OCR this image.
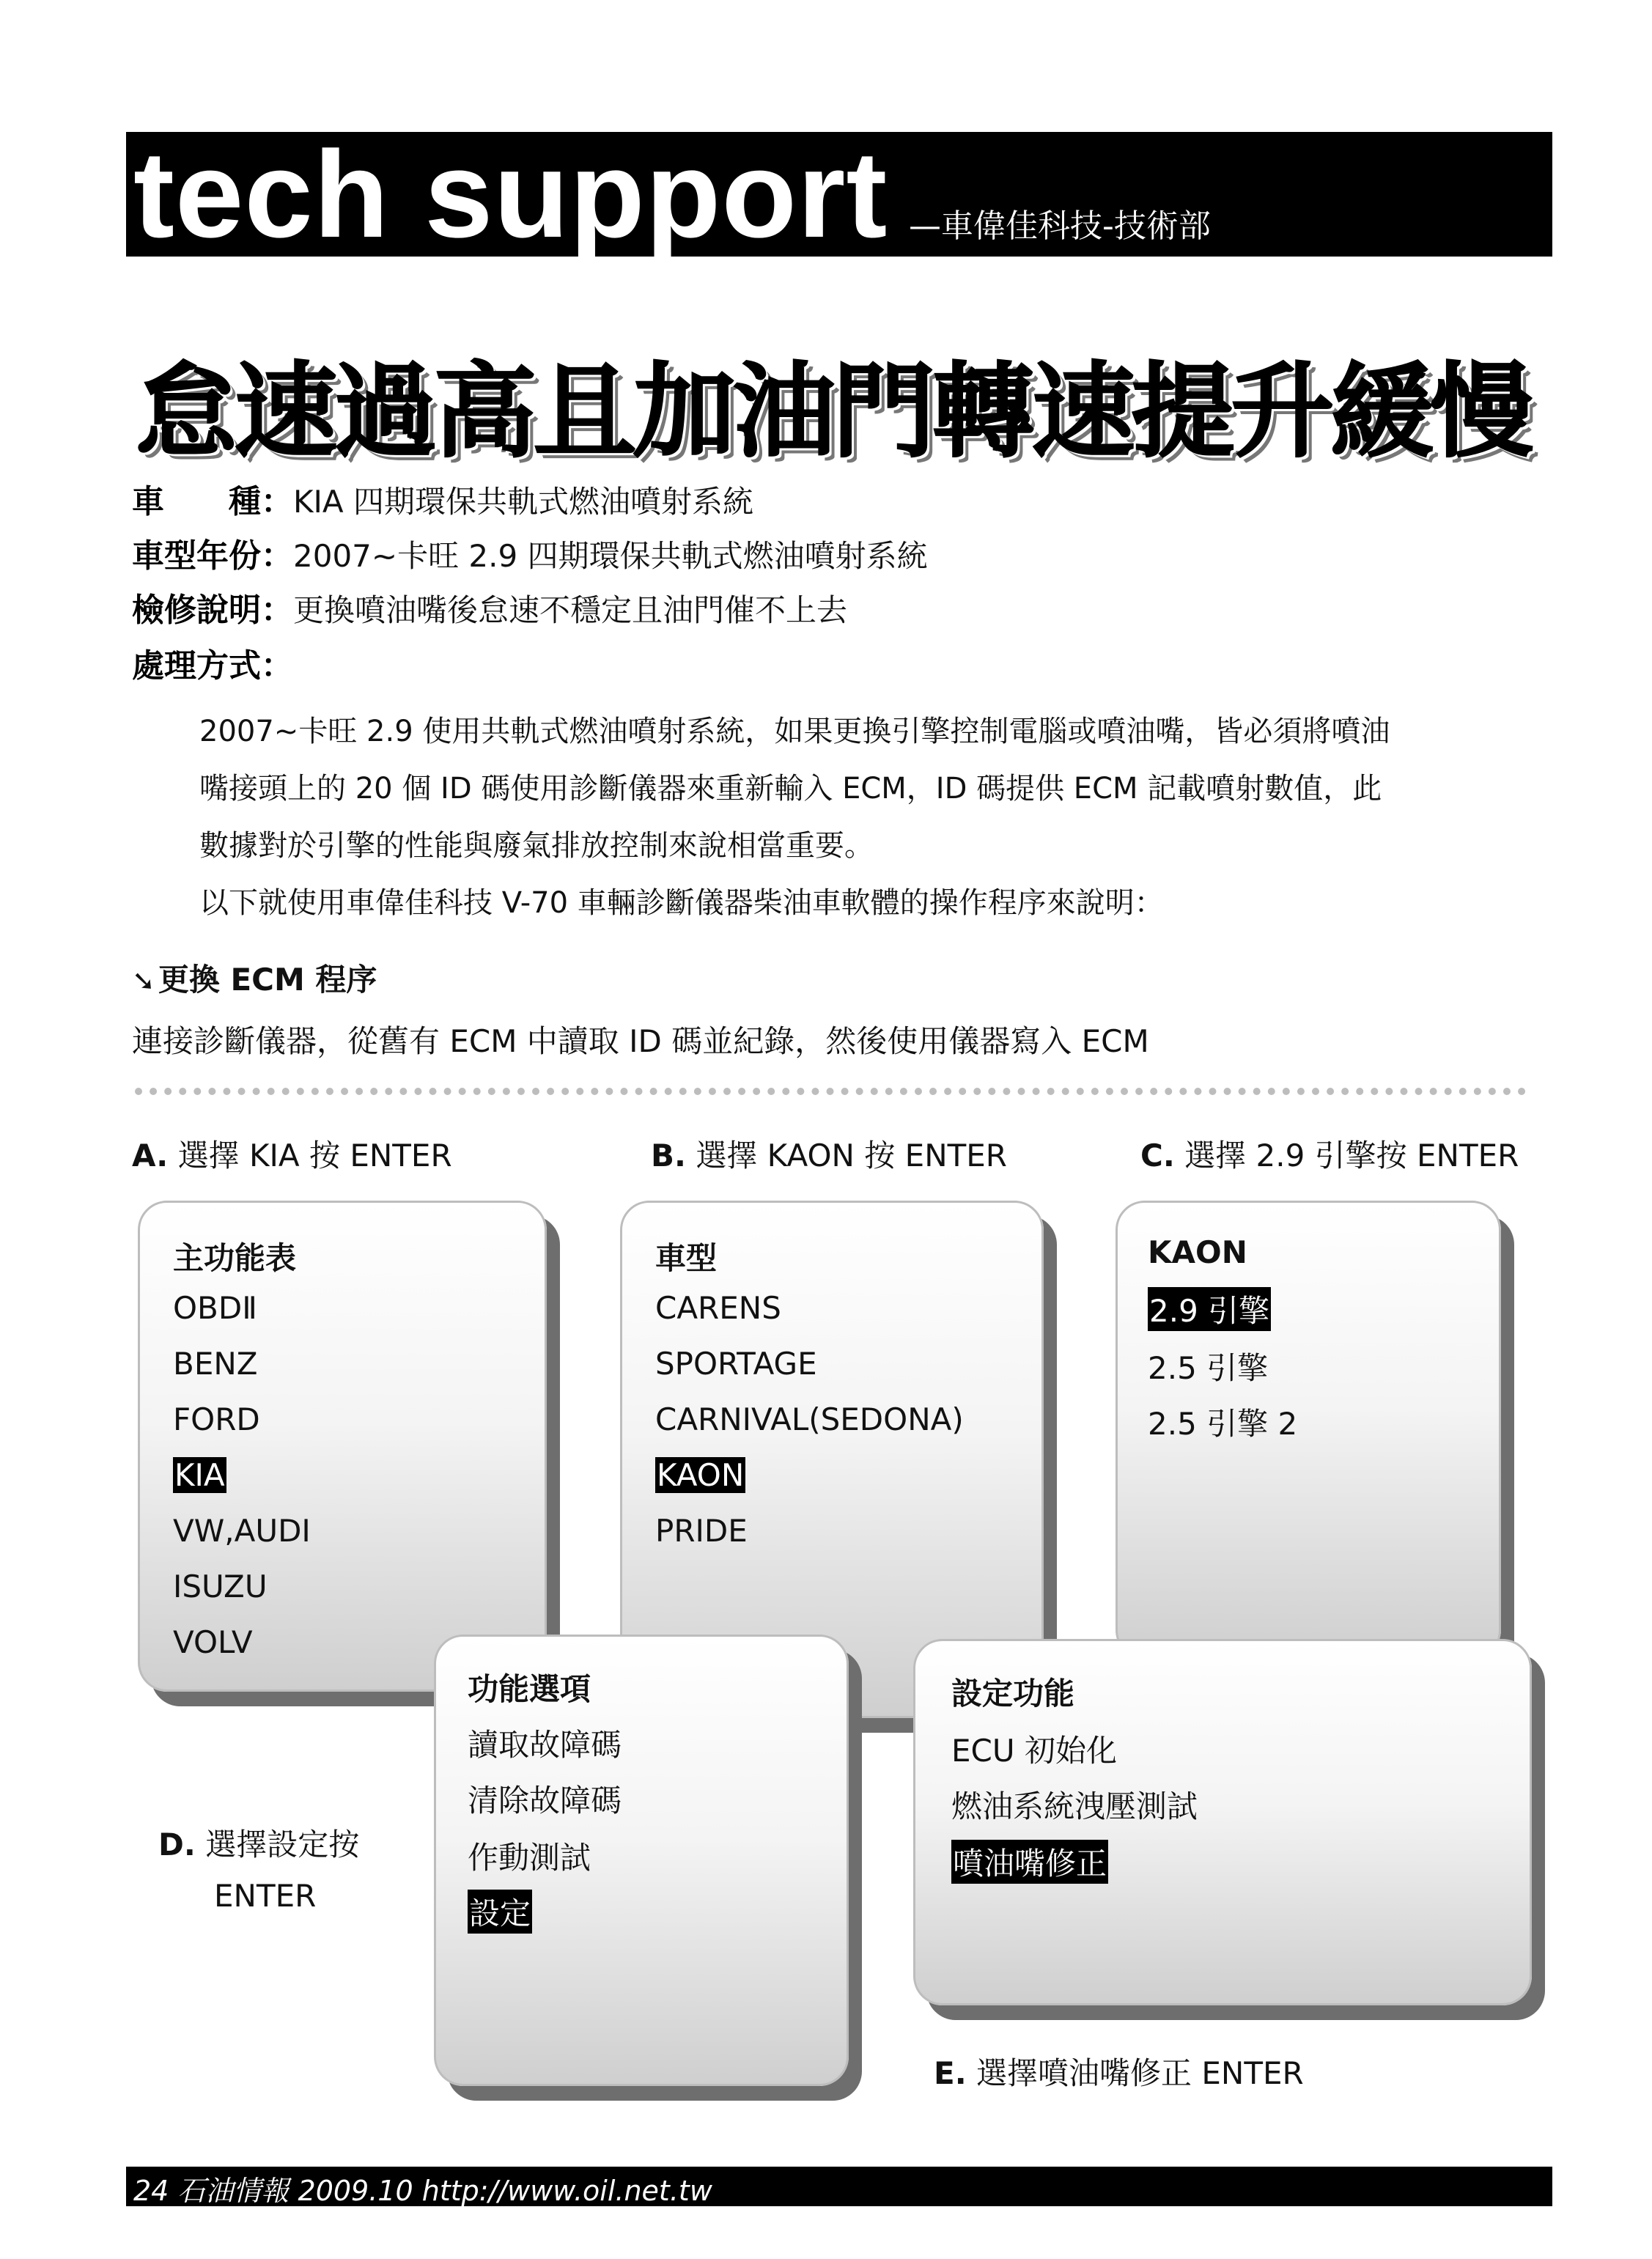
tech support —車偉佳科技-技術部
怠速過高且加油門轉速提升緩慢
車　　種：KIA 四期環保共軌式燃油噴射系統
車型年份：2007~卡旺 2.9 四期環保共軌式燃油噴射系統
檢修說明：更換噴油嘴後怠速不穩定且油門催不上去
處理方式：
2007~卡旺 2.9 使用共軌式燃油噴射系統，如果更換引擎控制電腦或噴油嘴，皆必須將噴油
嘴接頭上的 20 個 ID 碼使用診斷儀器來重新輸入 ECM，ID 碼提供 ECM 記載噴射數值，此
數據對於引擎的性能與廢氣排放控制來說相當重要。
以下就使用車偉佳科技 V-70 車輛診斷儀器柴油車軟體的操作程序來說明：
➘更換 ECM 程序
連接診斷儀器，從舊有 ECM 中讀取 ID 碼並紀錄，然後使用儀器寫入 ECM
A. 選擇 KIA 按 ENTER	B. 選擇 KAON 按 ENTER	C. 選擇 2.9 引擎按 ENTER
主功能表
OBDⅡ
BENZ
FORD
KIA
VW,AUDI
ISUZU
VOLV
車型
CARENS
SPORTAGE
CARNIVAL(SEDONA)
KAON
PRIDE
KAON
2.9 引擎
2.5 引擎
2.5 引擎 2
功能選項
讀取故障碼
清除故障碼
作動測試
設定
設定功能
ECU 初始化
燃油系統洩壓測試
噴油嘴修正
D. 選擇設定按
ENTER
E. 選擇噴油嘴修正 ENTER
24 石油情報 2009.10 http://www.oil.net.tw
